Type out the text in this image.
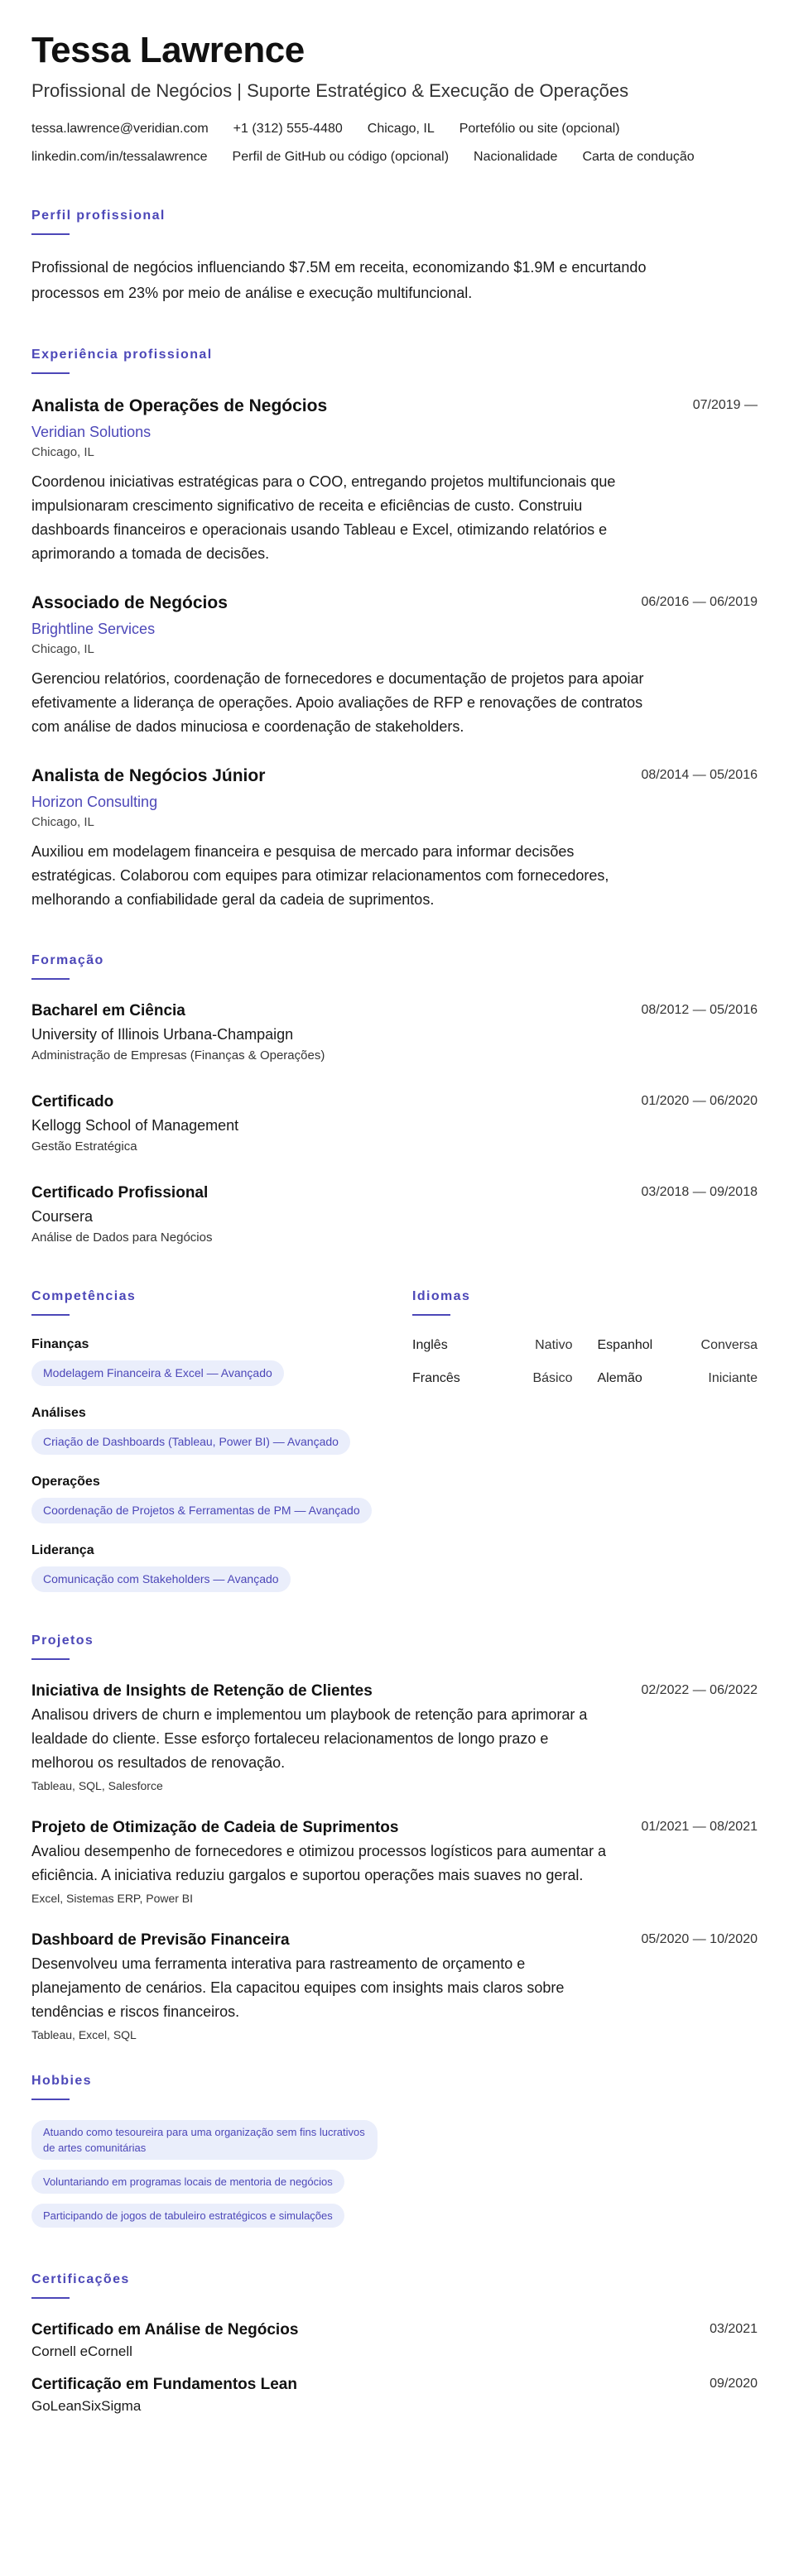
Tessa Lawrence
Profissional de Negócios | Suporte Estratégico & Execução de Operações
tessa.lawrence@veridian.com +1 (312) 555-4480 Chicago, IL Portefólio ou site (opcional)
linkedin.com/in/tessalawrence Perfil de GitHub ou código (opcional) Nacionalidade Carta de condução
Perfil profissional
Profissional de negócios influenciando $7.5M em receita, economizando $1.9M e encurtando processos em 23% por meio de análise e execução multifuncional.
Experiência profissional
Analista de Operações de Negócios	07/2019 —
Veridian Solutions
Chicago, IL
Coordenou iniciativas estratégicas para o COO, entregando projetos multifuncionais que impulsionaram crescimento significativo de receita e eficiências de custo. Construiu dashboards financeiros e operacionais usando Tableau e Excel, otimizando relatórios e aprimorando a tomada de decisões.
Associado de Negócios	06/2016 — 06/2019
Brightline Services
Chicago, IL
Gerenciou relatórios, coordenação de fornecedores e documentação de projetos para apoiar efetivamente a liderança de operações. Apoio avaliações de RFP e renovações de contratos com análise de dados minuciosa e coordenação de stakeholders.
Analista de Negócios Júnior	08/2014 — 05/2016
Horizon Consulting
Chicago, IL
Auxiliou em modelagem financeira e pesquisa de mercado para informar decisões estratégicas. Colaborou com equipes para otimizar relacionamentos com fornecedores, melhorando a confiabilidade geral da cadeia de suprimentos.
Formação
Bacharel em Ciência	08/2012 — 05/2016
University of Illinois Urbana-Champaign
Administração de Empresas (Finanças & Operações)
Certificado	01/2020 — 06/2020
Kellogg School of Management
Gestão Estratégica
Certificado Profissional	03/2018 — 09/2018
Coursera
Análise de Dados para Negócios
Competências
Finanças
Modelagem Financeira & Excel — Avançado
Análises
Criação de Dashboards (Tableau, Power BI) — Avançado
Operações
Coordenação de Projetos & Ferramentas de PM — Avançado
Liderança
Comunicação com Stakeholders — Avançado
Idiomas
Inglês	Nativo Espanhol	Conversa
Francês	Básico Alemão	Iniciante
Projetos
Iniciativa de Insights de Retenção de Clientes	02/2022 — 06/2022
Analisou drivers de churn e implementou um playbook de retenção para aprimorar a lealdade do cliente. Esse esforço fortaleceu relacionamentos de longo prazo e melhorou os resultados de renovação.
Tableau, SQL, Salesforce
Projeto de Otimização de Cadeia de Suprimentos	01/2021 — 08/2021
Avaliou desempenho de fornecedores e otimizou processos logísticos para aumentar a eficiência. A iniciativa reduziu gargalos e suportou operações mais suaves no geral.
Excel, Sistemas ERP, Power BI
Dashboard de Previsão Financeira	05/2020 — 10/2020
Desenvolveu uma ferramenta interativa para rastreamento de orçamento e planejamento de cenários. Ela capacitou equipes com insights mais claros sobre tendências e riscos financeiros.
Tableau, Excel, SQL
Hobbies
Atuando como tesoureira para uma organização sem fins lucrativos de artes comunitárias
Voluntariando em programas locais de mentoria de negócios
Participando de jogos de tabuleiro estratégicos e simulações
Certificações
Certificado em Análise de Negócios	03/2021
Cornell eCornell
Certificação em Fundamentos Lean	09/2020
GoLeanSixSigma
